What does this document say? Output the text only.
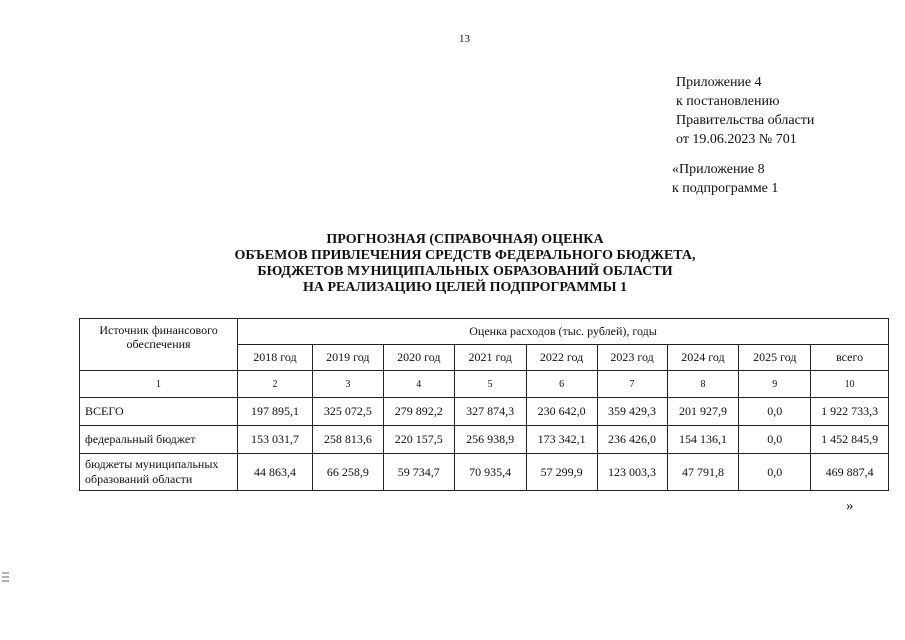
13
Приложение 4
к постановлению
Правительства области
от 19.06.2023 № 701
«Приложение 8
к подпрограмме 1
ПРОГНОЗНАЯ (СПРАВОЧНАЯ) ОЦЕНКА
ОБЪЕМОВ ПРИВЛЕЧЕНИЯ СРЕДСТВ ФЕДЕРАЛЬНОГО БЮДЖЕТА,
БЮДЖЕТОВ МУНИЦИПАЛЬНЫХ ОБРАЗОВАНИЙ ОБЛАСТИ
НА РЕАЛИЗАЦИЮ ЦЕЛЕЙ ПОДПРОГРАММЫ 1
Источник финансового обеспечения	Оценка расходов (тыс. рублей), годы								
	2018 год	2019 год	2020 год	2021 год	2022 год	2023 год	2024 год	2025 год	всего
1	2	3	4	5	6	7	8	9	10
ВСЕГО	197 895,1	325 072,5	279 892,2	327 874,3	230 642,0	359 429,3	201 927,9	0,0	1 922 733,3
федеральный бюджет	153 031,7	258 813,6	220 157,5	256 938,9	173 342,1	236 426,0	154 136,1	0,0	1 452 845,9
бюджеты муниципальных образований области	44 863,4	66 258,9	59 734,7	70 935,4	57 299,9	123 003,3	47 791,8	0,0	469 887,4
»
